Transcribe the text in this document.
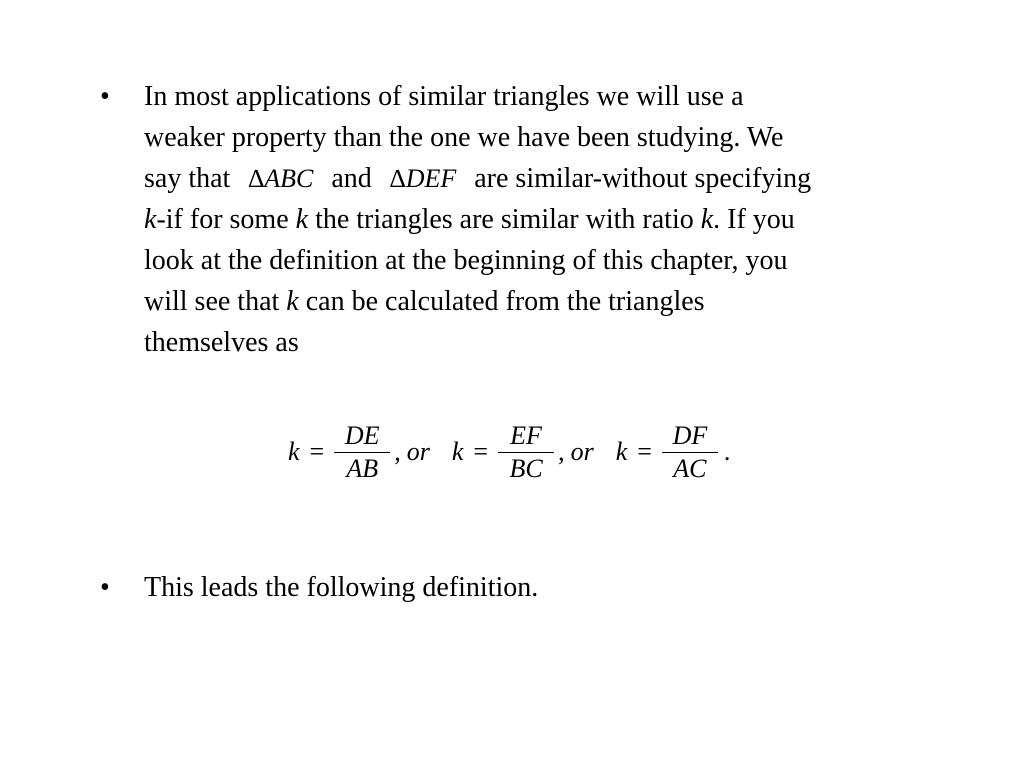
•	In most applications of similar triangles we will use a
weaker property than the one we have been studying. We
say that ∆ABC and ∆DEF are similar-without specifying
k-if for some k the triangles are similar with ratio k. If you
look at the definition at the beginning of this chapter, you
will see that k can be calculated from the triangles
themselves as
$k = \frac{DE}{AB}$ , or $k = \frac{EF}{BC}$ , or $k = \frac{DF}{AC}$ .
•	This leads the following definition.
